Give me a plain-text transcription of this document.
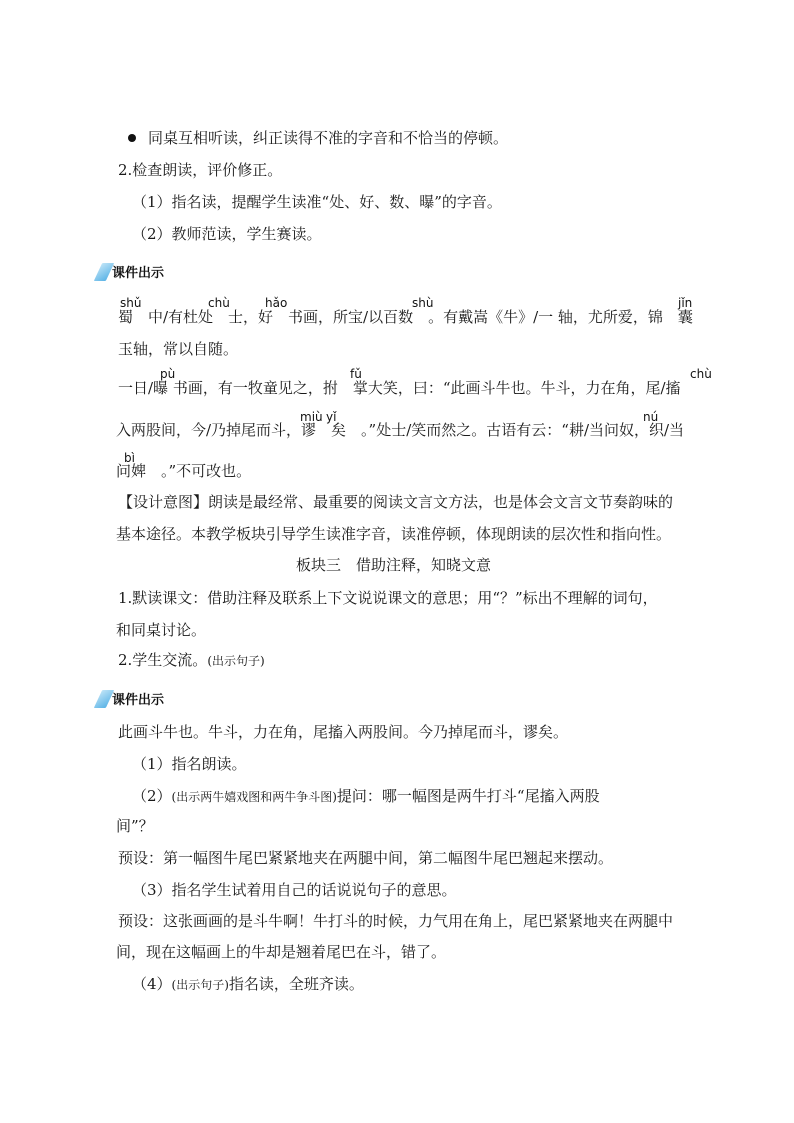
同桌互相听读，纠正读得不准的字音和不恰当的停顿。
2.检查朗读，评价修正。
（1）指名读，提醒学生读准“处、好、数、曝”的字音。
（2）教师范读，学生赛读。
课件出示
shǔ	chù	hǎo	shù	jǐn
蜀　中/有杜处　士，好　书画，所宝/以百数　。有戴嵩《牛》/一 轴，尤所爱，锦　囊
玉轴，常以自随。
pù	fǔ	chù
一日/曝 书画，有一牧童见之，拊　掌大笑，曰：“此画斗牛也。牛斗，力在角，尾/搐
miù yǐ	nú
入两股间，今/乃掉尾而斗，谬　矣　。”处士/笑而然之。古语有云：“耕/当问奴，织/当
bì
问婢　。”不可改也。
【设计意图】朗读是最经常、最重要的阅读文言文方法，也是体会文言文节奏韵味的
基本途径。本教学板块引导学生读准字音，读准停顿，体现朗读的层次性和指向性。
板块三　借助注释，知晓文意
1.默读课文：借助注释及联系上下文说说课文的意思；用“？”标出不理解的词句，
和同桌讨论。
2.学生交流。(出示句子)
课件出示
此画斗牛也。牛斗，力在角，尾搐入两股间。今乃掉尾而斗，谬矣。
（1）指名朗读。
（2）(出示两牛嬉戏图和两牛争斗图)提问：哪一幅图是两牛打斗“尾搐入两股
间”？
预设：第一幅图牛尾巴紧紧地夹在两腿中间，第二幅图牛尾巴翘起来摆动。
（3）指名学生试着用自己的话说说句子的意思。
预设：这张画画的是斗牛啊！牛打斗的时候，力气用在角上，尾巴紧紧地夹在两腿中
间，现在这幅画上的牛却是翘着尾巴在斗，错了。
（4）(出示句子)指名读，全班齐读。
